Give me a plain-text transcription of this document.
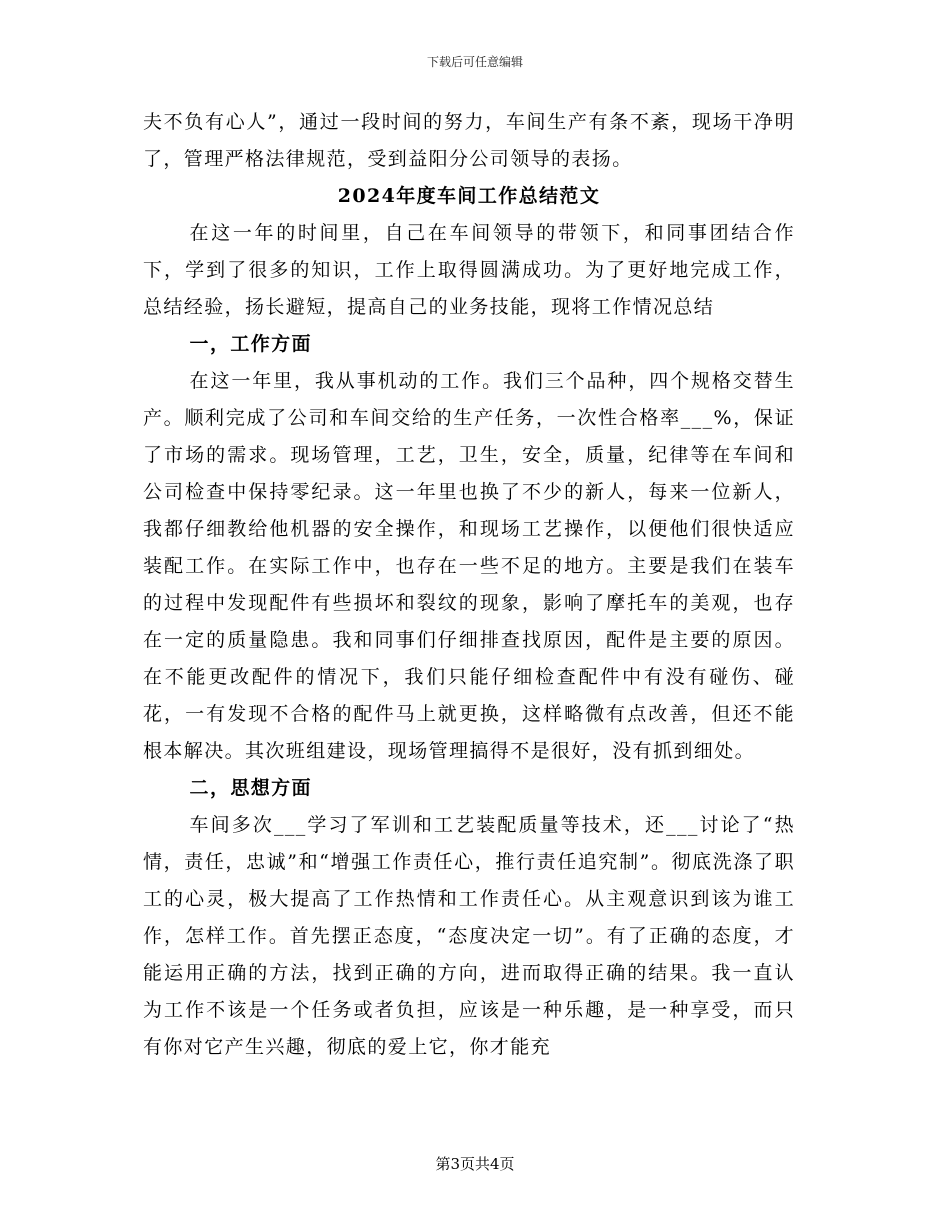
下载后可任意编辑

夫不负有心人”，通过一段时间的努力，车间生产有条不紊，现场干净明了，管理严格法律规范，受到益阳分公司领导的表扬。

2024年度车间工作总结范文

在这一年的时间里，自己在车间领导的带领下，和同事团结合作下，学到了很多的知识，工作上取得圆满成功。为了更好地完成工作，总结经验，扬长避短，提高自己的业务技能，现将工作情况总结

一，工作方面

在这一年里，我从事机动的工作。我们三个品种，四个规格交替生产。顺利完成了公司和车间交给的生产任务，一次性合格率___%，保证了市场的需求。现场管理，工艺，卫生，安全，质量，纪律等在车间和公司检查中保持零纪录。这一年里也换了不少的新人，每来一位新人，我都仔细教给他机器的安全操作，和现场工艺操作，以便他们很快适应装配工作。在实际工作中，也存在一些不足的地方。主要是我们在装车的过程中发现配件有些损坏和裂纹的现象，影响了摩托车的美观，也存在一定的质量隐患。我和同事们仔细排查找原因，配件是主要的原因。在不能更改配件的情况下，我们只能仔细检查配件中有没有碰伤、碰花，一有发现不合格的配件马上就更换，这样略微有点改善，但还不能根本解决。其次班组建设，现场管理搞得不是很好，没有抓到细处。

二，思想方面

车间多次___学习了军训和工艺装配质量等技术，还___讨论了“热情，责任，忠诚”和“增强工作责任心，推行责任追究制”。彻底洗涤了职工的心灵，极大提高了工作热情和工作责任心。从主观意识到该为谁工作，怎样工作。首先摆正态度，“态度决定一切”。有了正确的态度，才能运用正确的方法，找到正确的方向，进而取得正确的结果。我一直认为工作不该是一个任务或者负担，应该是一种乐趣，是一种享受，而只有你对它产生兴趣，彻底的爱上它，你才能充

第3页共4页
